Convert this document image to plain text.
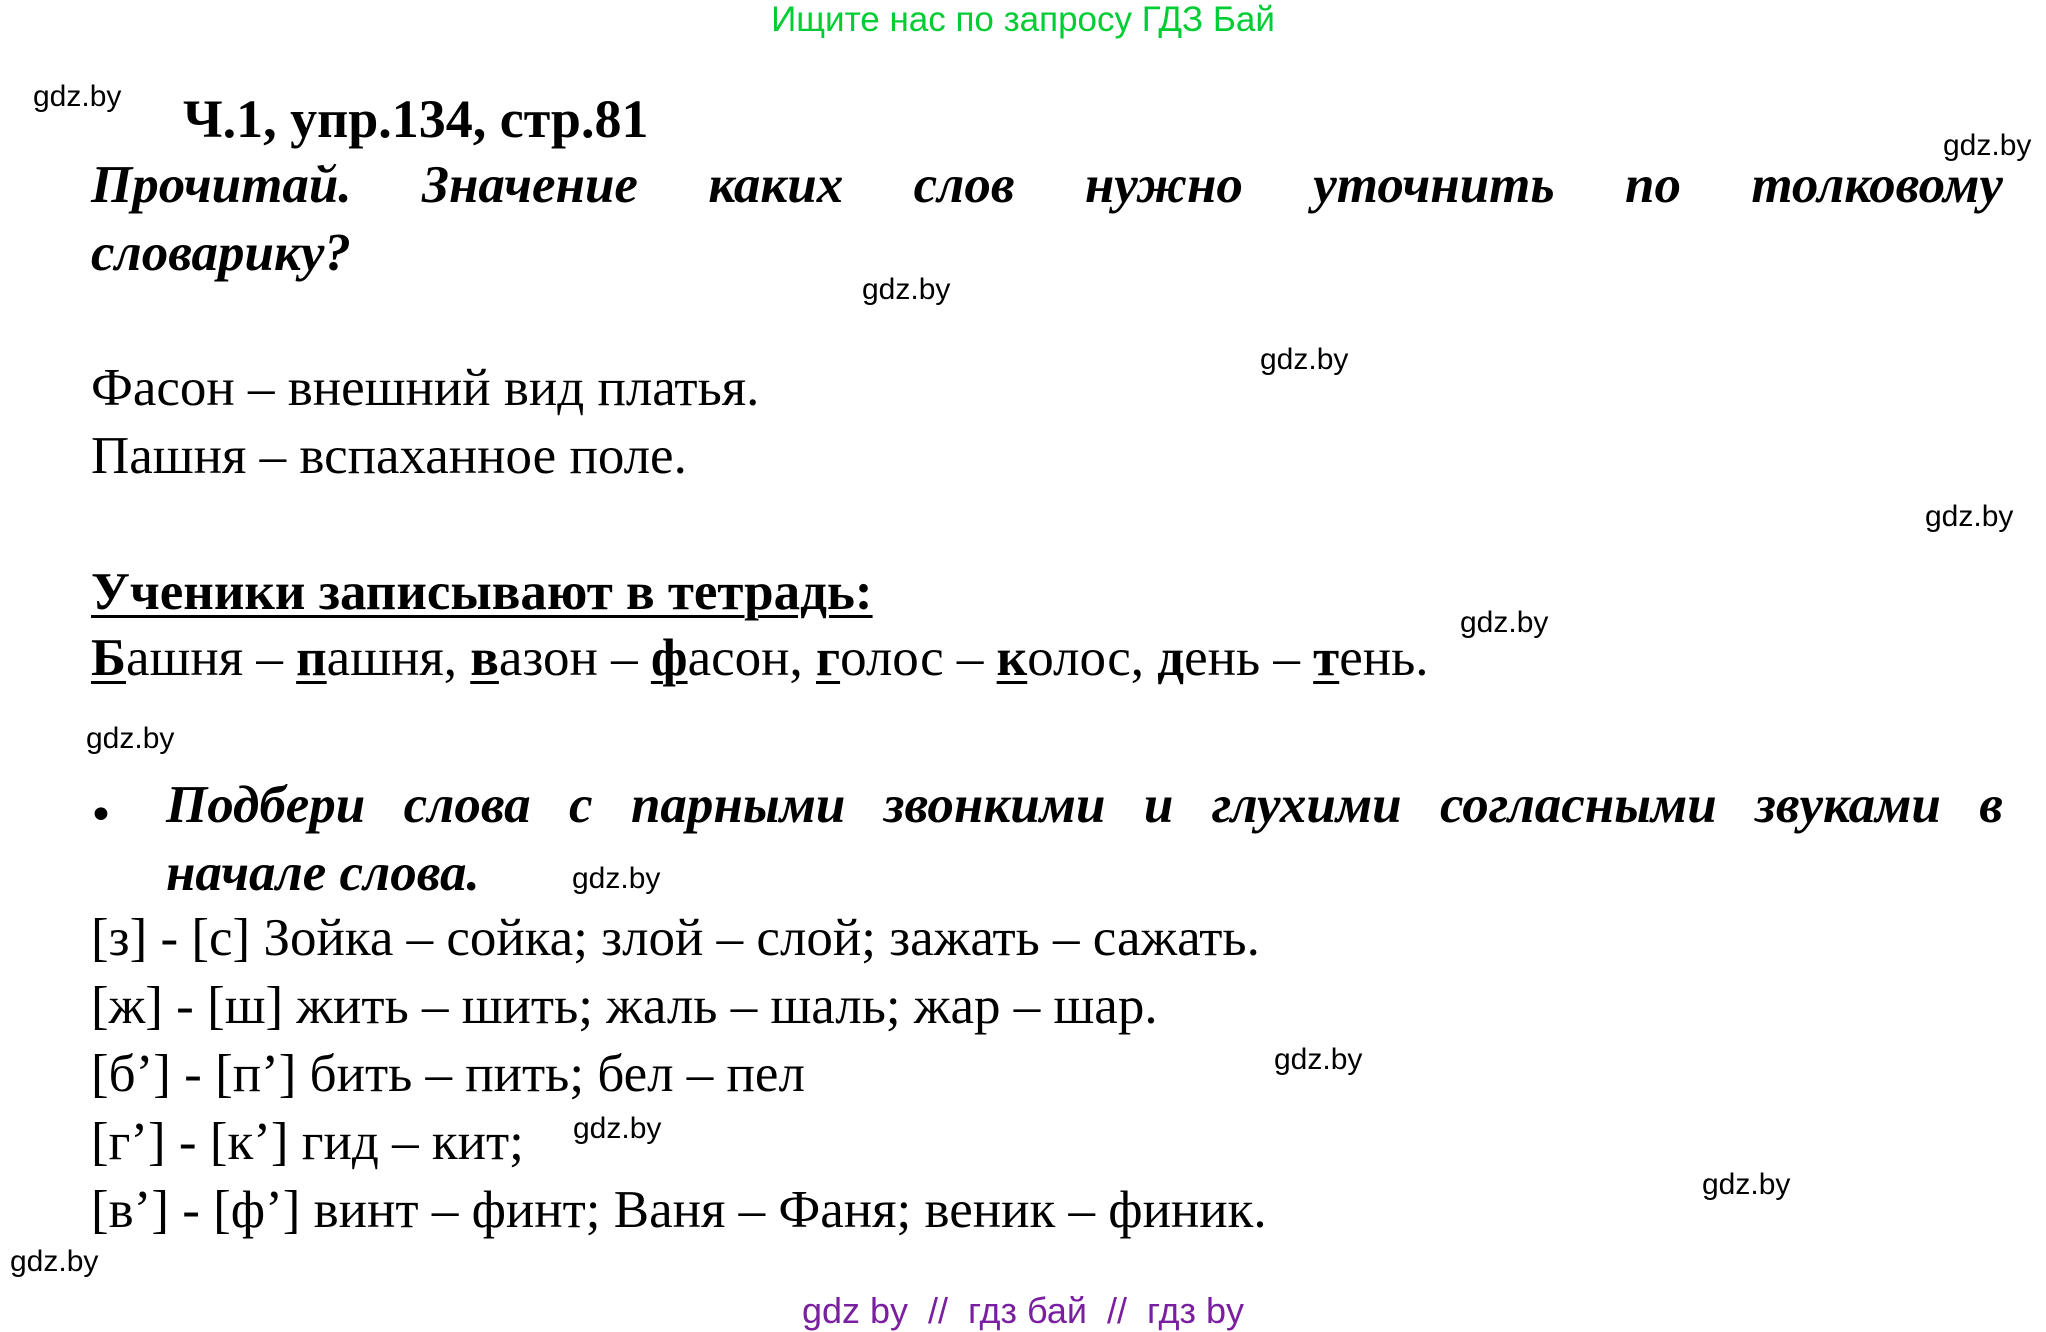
Ищите нас по запросу ГДЗ Бай
Ч.1, упр.134, стр.81
Прочитай. Значение каких слов нужно уточнить по толковому
словарику?
Фасон – внешний вид платья.
Пашня – вспаханное поле.
Ученики записывают в тетрадь:
Башня – пашня, вазон – фасон, голос – колос, день – тень.
• Подбери слова с парными звонкими и глухими согласными звуками в
начале слова.
[з] - [с] Зойка – сойка; злой – слой; зажать – сажать.
[ж] - [ш] жить – шить; жаль – шаль; жар – шар.
[б’] - [п’] бить – пить; бел – пел
[г’] - [к’] гид – кит;
[в’] - [ф’] винт – финт; Ваня – Фаня; веник – финик.
gdz.by
gdz.by
gdz.by
gdz.by
gdz.by
gdz.by
gdz.by
gdz.by
gdz.by
gdz.by
gdz.by
gdz.by
gdz by  //  гдз бай  //  гдз by
